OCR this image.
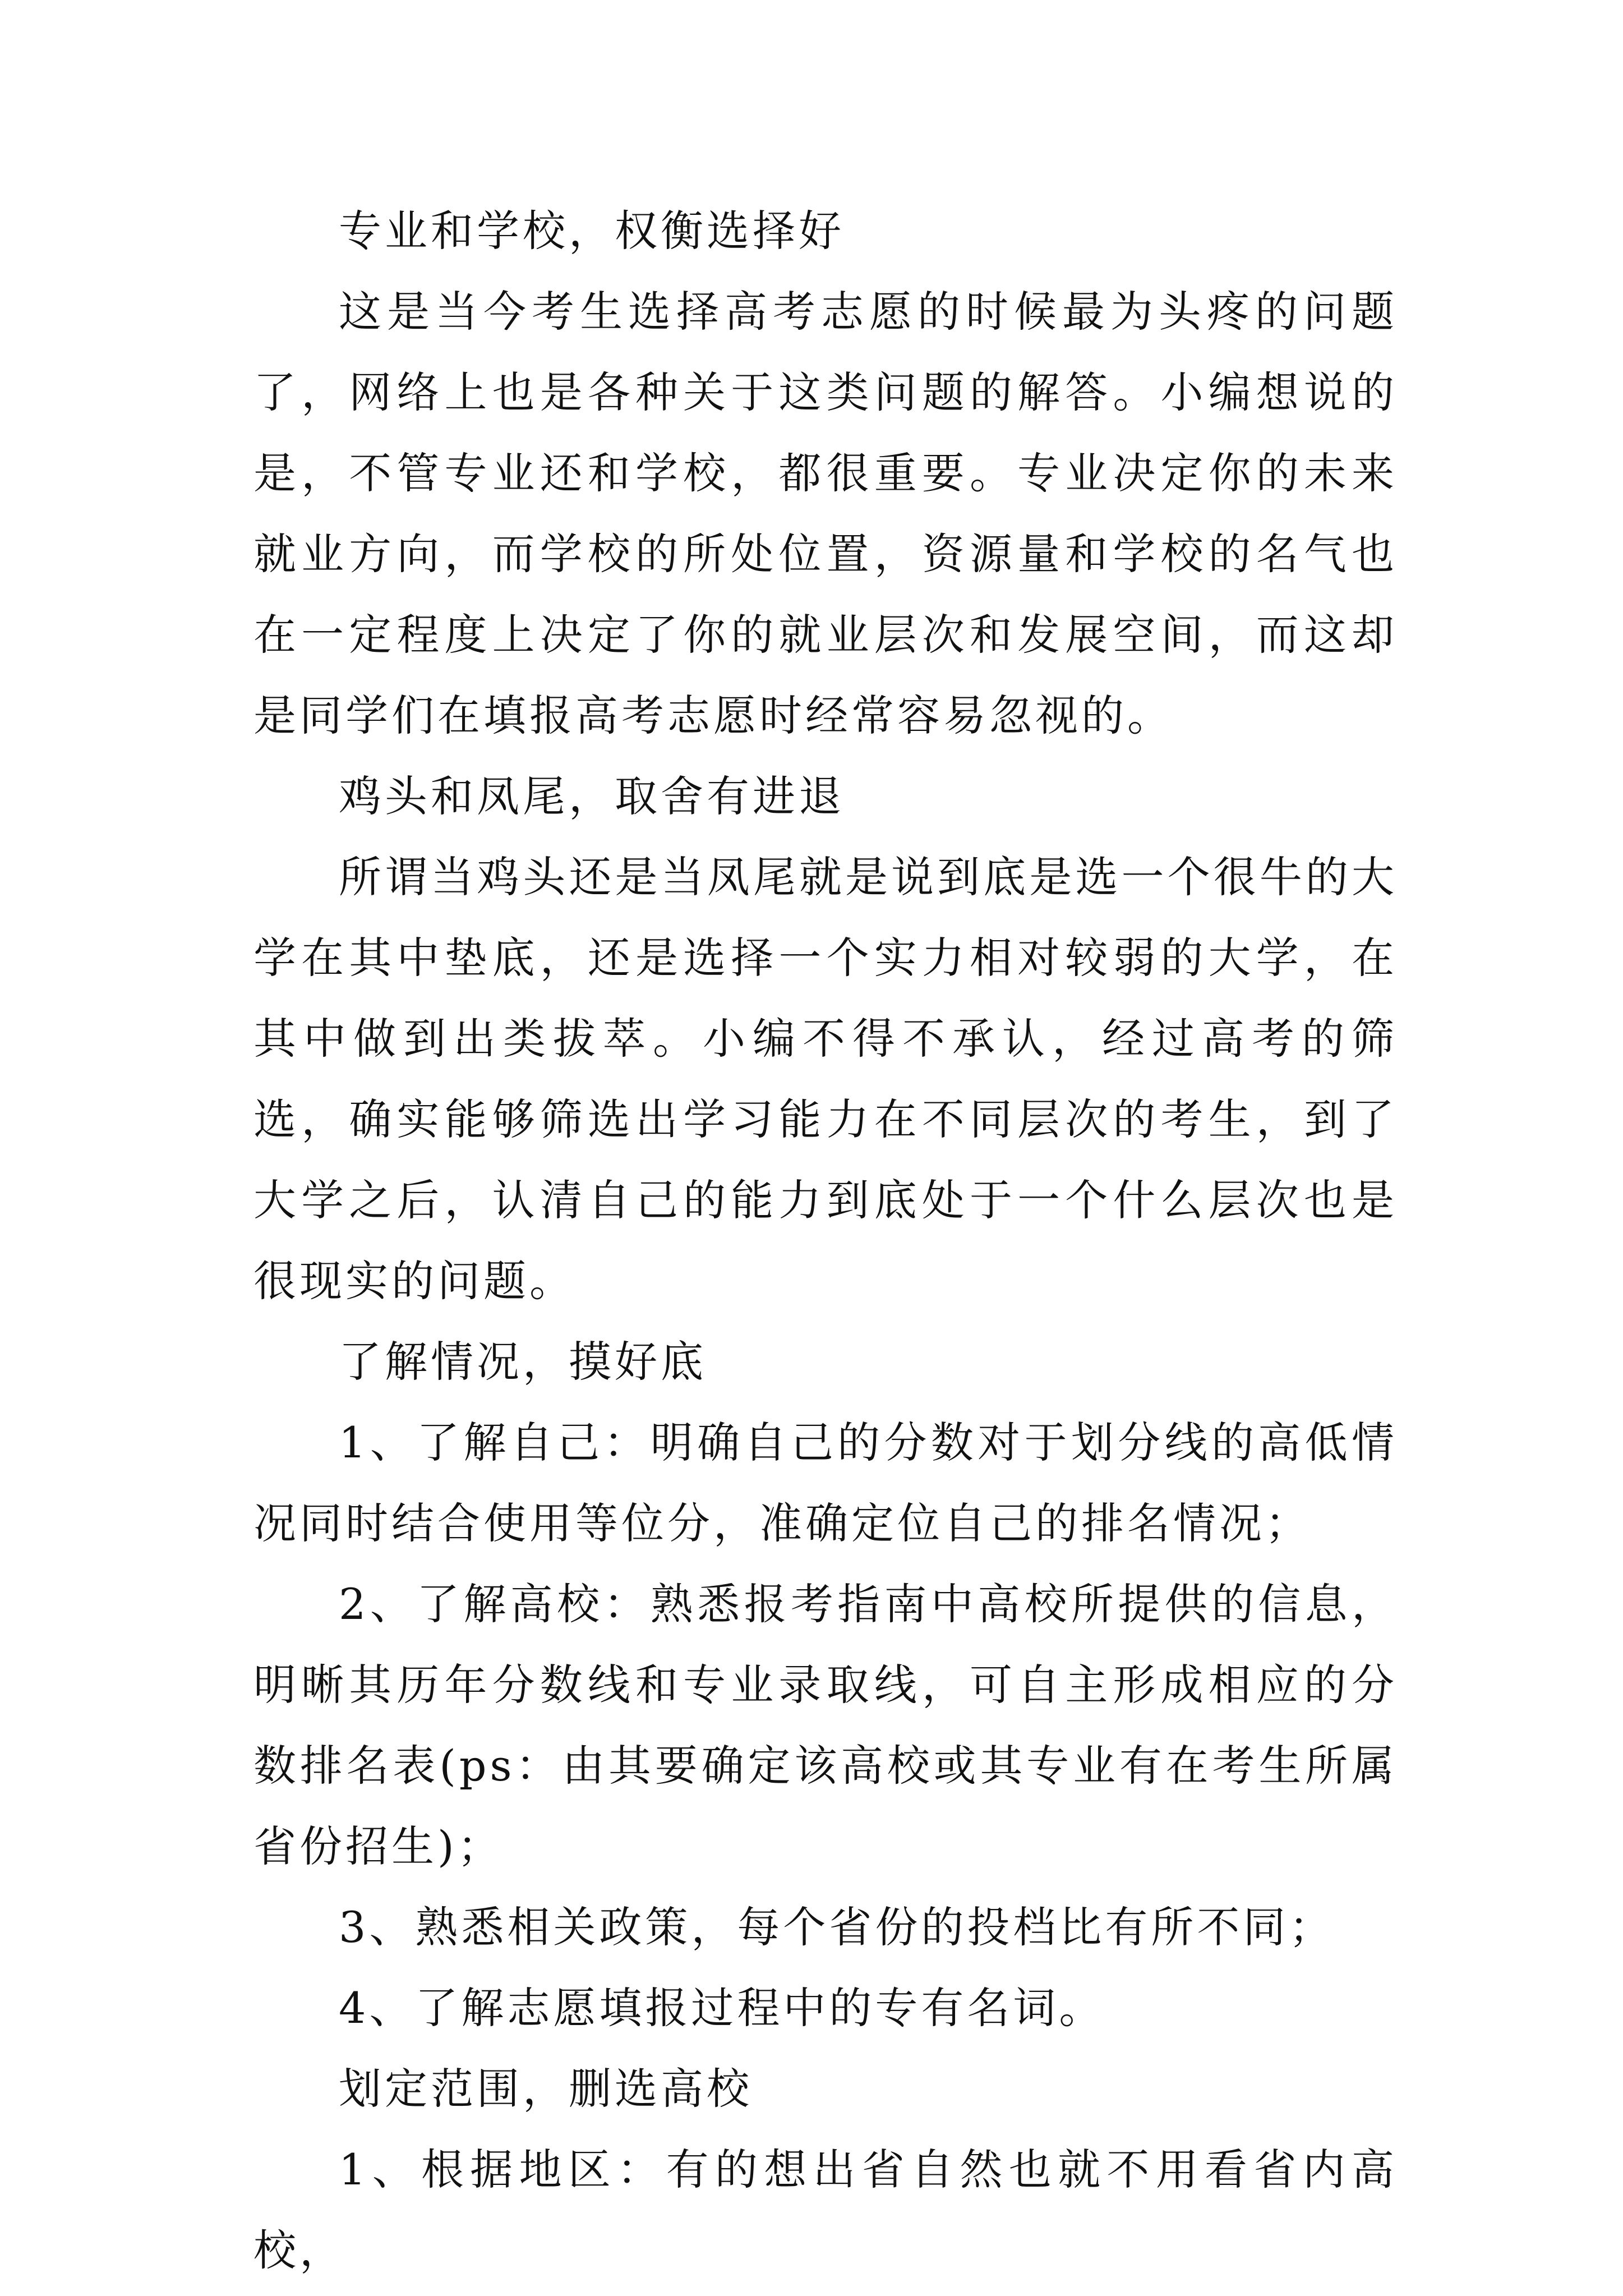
专业和学校，权衡选择好

这是当今考生选择高考志愿的时候最为头疼的问题了，网络上也是各种关于这类问题的解答。小编想说的是，不管专业还和学校，都很重要。专业决定你的未来就业方向，而学校的所处位置，资源量和学校的名气也在一定程度上决定了你的就业层次和发展空间，而这却是同学们在填报高考志愿时经常容易忽视的。

鸡头和凤尾，取舍有进退

所谓当鸡头还是当凤尾就是说到底是选一个很牛的大学在其中垫底，还是选择一个实力相对较弱的大学，在其中做到出类拔萃。小编不得不承认，经过高考的筛选，确实能够筛选出学习能力在不同层次的考生，到了大学之后，认清自己的能力到底处于一个什么层次也是很现实的问题。

了解情况，摸好底

1、了解自己：明确自己的分数对于划分线的高低情况同时结合使用等位分，准确定位自己的排名情况；

2、了解高校：熟悉报考指南中高校所提供的信息，明晰其历年分数线和专业录取线，可自主形成相应的分数排名表(ps：由其要确定该高校或其专业有在考生所属省份招生)；

3、熟悉相关政策，每个省份的投档比有所不同；

4、了解志愿填报过程中的专有名词。

划定范围，删选高校

1、根据地区：有的想出省自然也就不用看省内高校，
